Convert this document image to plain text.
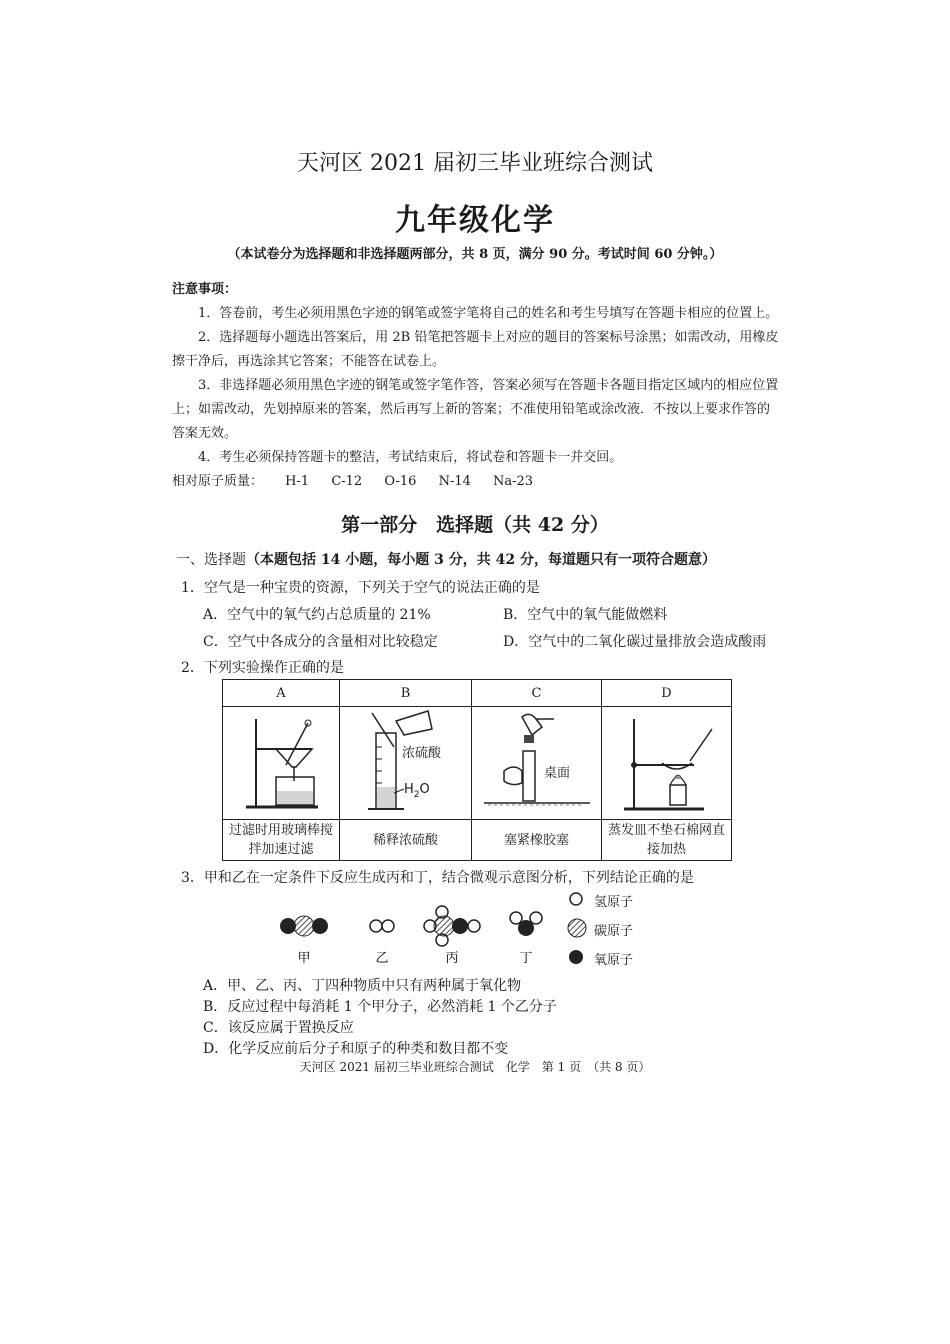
天河区 2021 届初三毕业班综合测试
九年级化学
（本试卷分为选择题和非选择题两部分，共 8 页，满分 90 分。考试时间 60 分钟。）

注意事项：

1．答卷前，考生必须用黑色字迹的钢笔或签字笔将自己的姓名和考生号填写在答题卡相应的位置上。

2．选择题每小题选出答案后，用 2B 铅笔把答题卡上对应的题目的答案标号涂黑；如需改动，用橡皮擦干净后，再选涂其它答案；不能答在试卷上。

3．非选择题必须用黑色字迹的钢笔或签字笔作答，答案必须写在答题卡各题目指定区域内的相应位置上；如需改动，先划掉原来的答案，然后再写上新的答案；不准使用铅笔或涂改液．不按以上要求作答的答案无效。

4．考生必须保持答题卡的整洁，考试结束后，将试卷和答题卡一并交回。

相对原子质量： H-1 C-12 O-16 N-14 Na-23

第一部分　选择题（共 42 分）
一、选择题（本题包括 14 小题，每小题 3 分，共 42 分，每道题只有一项符合题意）
1．空气是一种宝贵的资源，下列关于空气的说法正确的是
A．空气中的氧气约占总质量的 21%	B．空气中的氧气能做燃料
C．空气中各成分的含量相对比较稳定	D．空气中的二氧化碳过量排放会造成酸雨
2．下列实验操作正确的是
A	B	C	D

浓硫酸
$H_2O$	桌面

过滤时用玻璃棒搅拌加速过滤	稀释浓硫酸	塞紧橡胶塞	蒸发皿不垫石棉网直接加热
3．甲和乙在一定条件下反应生成丙和丁，结合微观示意图分析，下列结论正确的是
甲	乙	丙	丁
氢原子
碳原子
氧原子
A．甲、乙、丙、丁四种物质中只有两种属于氧化物
B．反应过程中每消耗 1 个甲分子，必然消耗 1 个乙分子
C．该反应属于置换反应
D．化学反应前后分子和原子的种类和数目都不变
天河区 2021 届初三毕业班综合测试　化学　第 1 页　（共 8 页）
